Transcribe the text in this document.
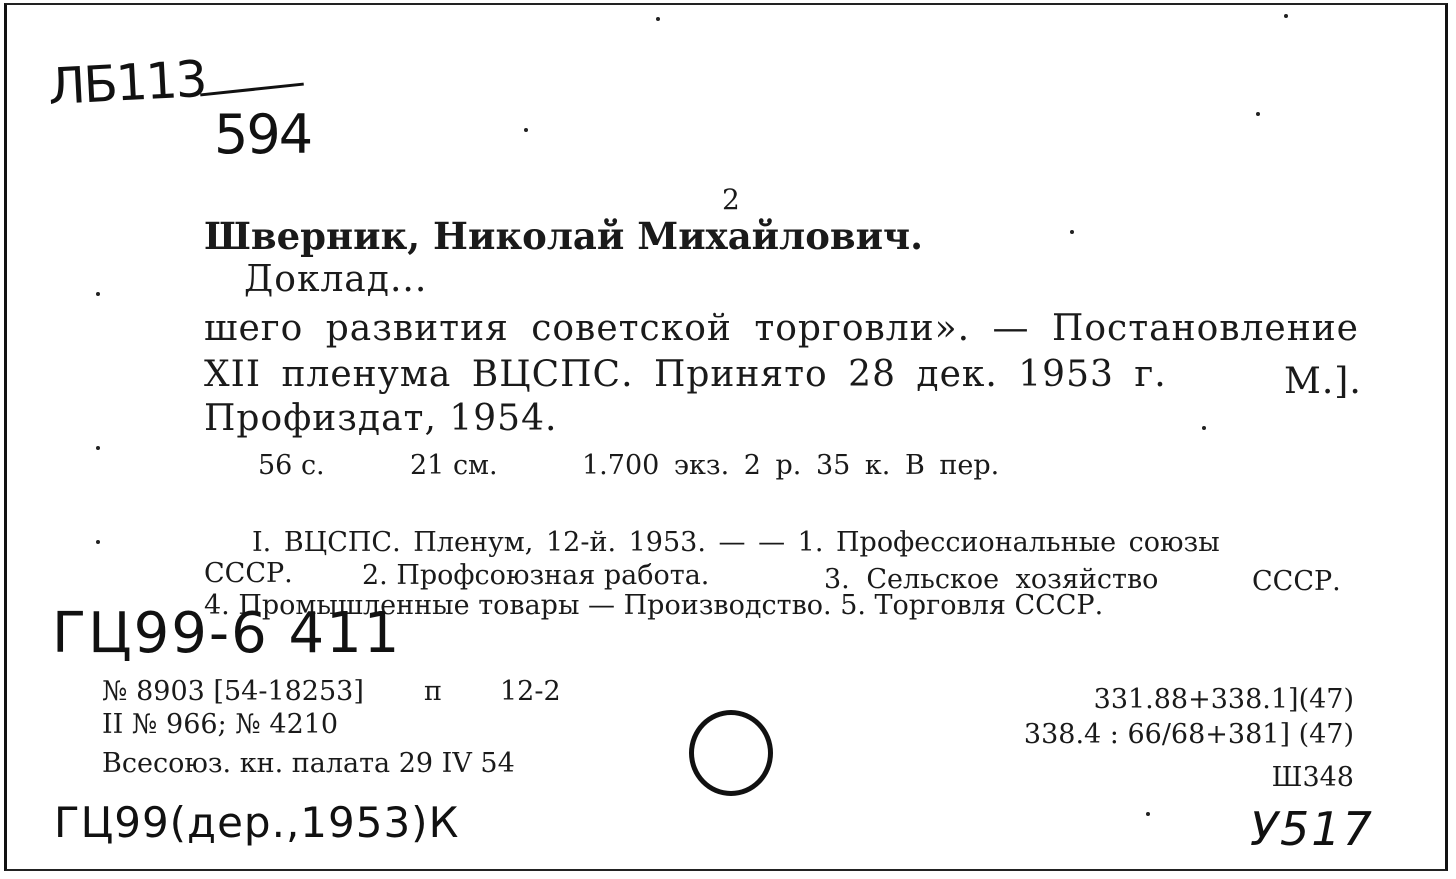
ЛБ113
594
2
Шверник, Николай Михайлович.
Доклад...
шего развития советской торговли». — Постановление
XII пленума ВЦСПС. Принято 28 дек. 1953 г.	М.].
Профиздат, 1954.
56 с.	21 см.	1.700 экз. 2 р. 35 к. В пер.
I. ВЦСПС. Пленум, 12-й. 1953. — — 1. Профессиональные союзы
СССР.	2. Профсоюзная работа.	3. Сельское хозяйство	СССР.
4. Промышленные товары — Производство. 5. Торговля СССР.
ГЦ99-6 411
№ 8903 [54-18253] п 12-2
II № 966; № 4210
Всесоюз. кн. палата 29 IV 54
331.88+338.1](47)
338.4 : 66/68+381] (47)
Ш348
ГЦ99(дер.,1953)К	У517
